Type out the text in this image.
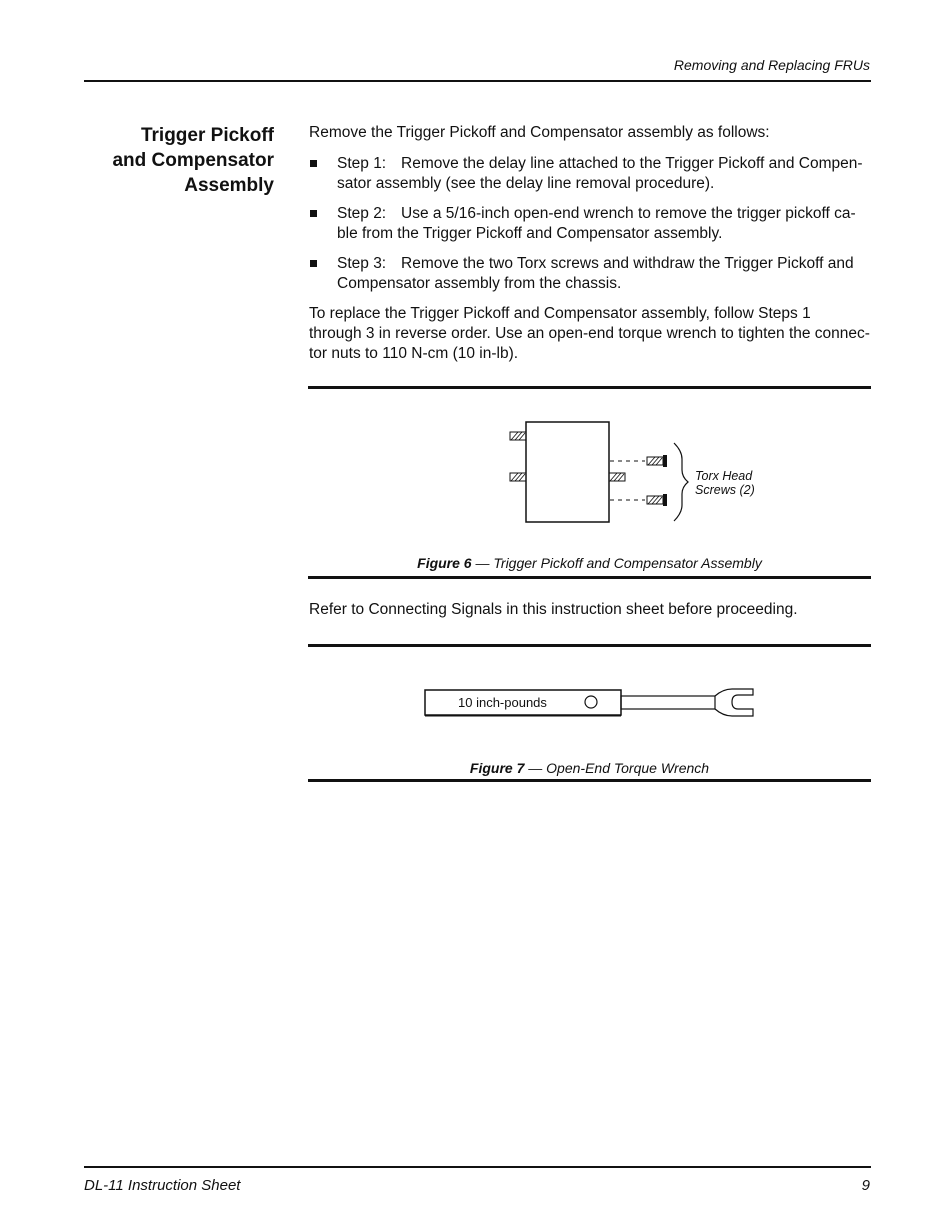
Removing and Replacing FRUs
Trigger Pickoff
and Compensator
Assembly
Remove the Trigger Pickoff and Compensator assembly as follows:
Step 1: Remove the delay line attached to the Trigger Pickoff and Compen-
sator assembly (see the delay line removal procedure).
Step 2: Use a 5/16-inch open-end wrench to remove the trigger pickoff ca-
ble from the Trigger Pickoff and Compensator assembly.
Step 3: Remove the two Torx screws and withdraw the Trigger Pickoff and
Compensator assembly from the chassis.
To replace the Trigger Pickoff and Compensator assembly, follow Steps 1
through 3 in reverse order. Use an open-end torque wrench to tighten the connec-
tor nuts to 110 N-cm (10 in-lb).
Torx Head
Screws (2)
Figure 6 — Trigger Pickoff and Compensator Assembly
Refer to Connecting Signals in this instruction sheet before proceeding.
10 inch-pounds
Figure 7 — Open-End Torque Wrench
DL-11 Instruction Sheet	9
